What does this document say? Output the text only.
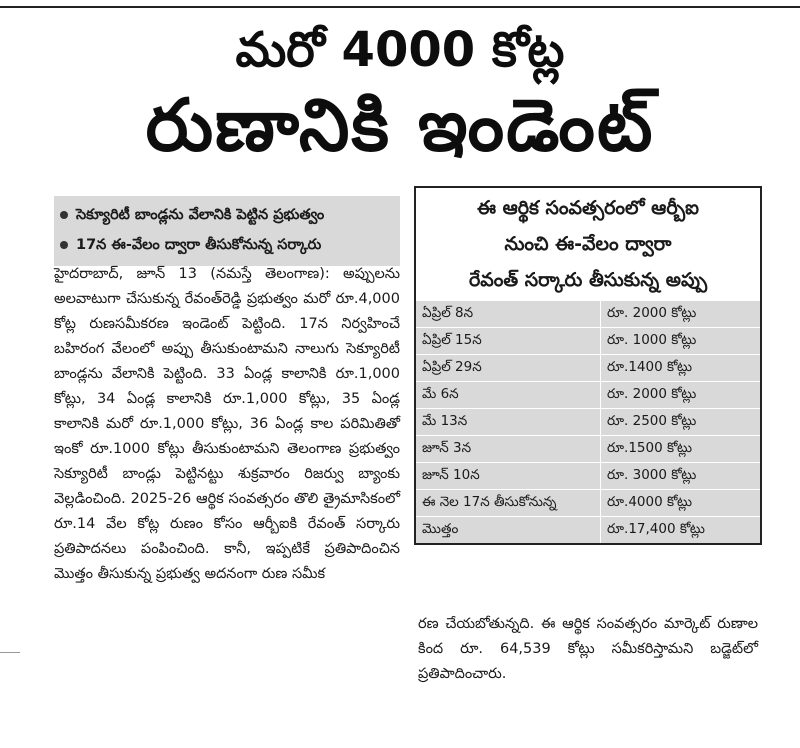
మరో 4000 కోట్ల
రుణానికి ఇండెంట్
సెక్యూరిటీ బాండ్లను వేలానికి పెట్టిన ప్రభుత్వం
17న ఈ-వేలం ద్వారా తీసుకోనున్న సర్కారు

హైదరాబాద్, జూన్ 13 (నమస్తే తెలంగాణ): అప్పులను అలవాటుగా చేసుకున్న రేవంత్‌రెడ్డి ప్రభుత్వం మరో రూ.4,000 కోట్ల రుణసమీకరణ ఇండెంట్ పెట్టింది. 17న నిర్వహించే బహిరంగ వేలంలో అప్పు తీసుకుంటామని నాలుగు సెక్యూరిటీ బాండ్లను వేలానికి పెట్టింది. 33 ఏండ్ల కాలానికి రూ.1,000 కోట్లు, 34 ఏండ్ల కాలానికి రూ.1,000 కోట్లు, 35 ఏండ్ల కాలానికి మరో రూ.1,000 కోట్లు, 36 ఏండ్ల కాల పరిమితితో ఇంకో రూ.1000 కోట్లు తీసుకుంటామని తెలంగాణ ప్రభుత్వం సెక్యూరిటీ బాండ్లు పెట్టినట్టు శుక్రవారం రిజర్వు బ్యాంకు వెల్లడించింది. 2025-26 ఆర్థిక సంవత్సరం తొలి త్రైమాసికంలో రూ.14 వేల కోట్ల రుణం కోసం ఆర్బీఐకి రేవంత్ సర్కారు ప్రతిపాదనలు పంపించింది. కానీ, ఇప్పటికే ప్రతిపాదించిన మొత్తం తీసుకున్న ప్రభుత్వ అదనంగా రుణ సమీక

ఈ ఆర్థిక సంవత్సరంలో ఆర్బీఐ
నుంచి ఈ-వేలం ద్వారా
రేవంత్ సర్కారు తీసుకున్న అప్పు
ఏప్రిల్ 8న	రూ. 2000 కోట్లు
ఏప్రిల్ 15న	రూ. 1000 కోట్లు
ఏప్రిల్ 29న	రూ.1400 కోట్లు
మే 6న	రూ. 2000 కోట్లు
మే 13న	రూ. 2500 కోట్లు
జూన్ 3న	రూ.1500 కోట్లు
జూన్ 10న	రూ. 3000 కోట్లు
ఈ నెల 17న తీసుకోనున్న	రూ.4000 కోట్లు
మొత్తం	రూ.17,400 కోట్లు

రణ చేయబోతున్నది. ఈ ఆర్థిక సంవత్సరం మార్కెట్ రుణాల కింద రూ. 64,539 కోట్లు సమీకరిస్తామని బడ్జెట్‌లో ప్రతిపాదించారు.
